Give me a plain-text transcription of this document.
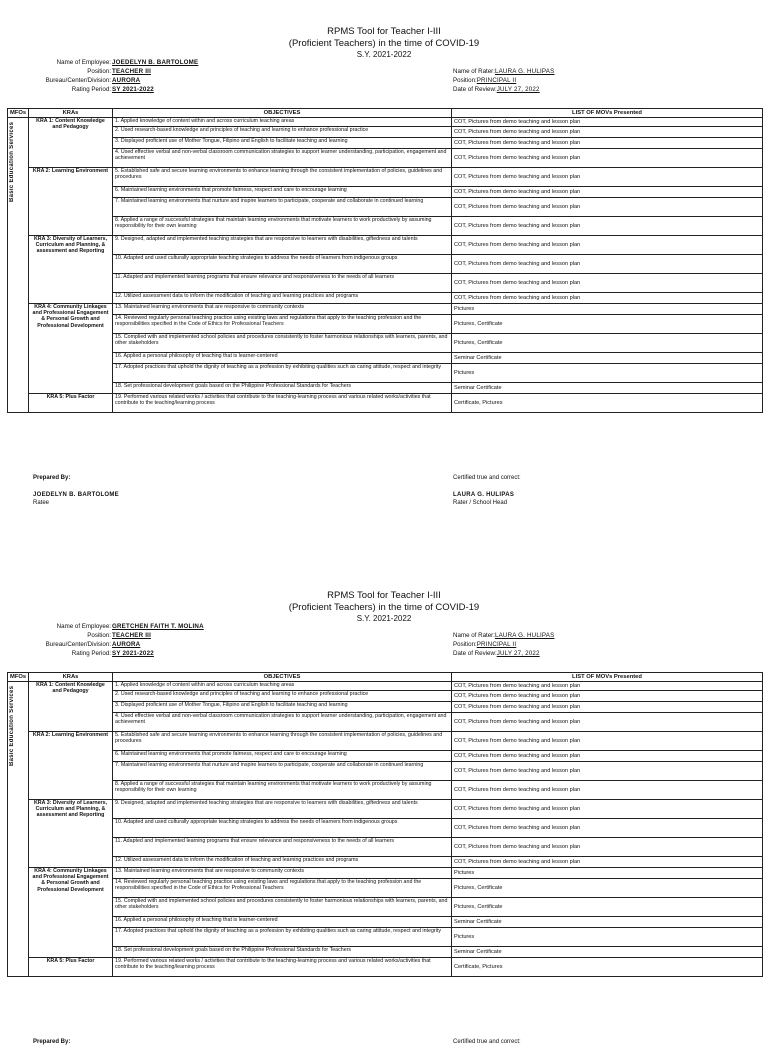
RPMS Tool for Teacher I-III
(Proficient Teachers) in the time of COVID-19
S.Y. 2021-2022
Name of Employee: JOEDELYN B. BARTOLOME
Position: TEACHER III
Bureau/Center/Division: AURORA
Rating Period: SY 2021-2022
Name of Rater: LAURA G. HULIPAS
Position: PRINCIPAL II
Date of Review: JULY 27, 2022
MFOs	KRAs	OBJECTIVES	LIST OF MOVs Presented

Basic Education Services	KRA 1: Content Knowledge and Pedagogy	1. Applied knowledge of content within and across curriculum teaching areas	COT, Pictures from demo teaching and lesson plan
		2. Used research-based knowledge and principles of teaching and learning to enhance professional practice	COT, Pictures from demo teaching and lesson plan
		3. Displayed proficient use of Mother Tongue, Filipino and English to facilitate teaching and learning	COT, Pictures from demo teaching and lesson plan
		4. Used effective verbal and non-verbal classroom communication strategies to support learner understanding, participation, engagement and achievement	COT, Pictures from demo teaching and lesson plan
	KRA 2: Learning Environment	5. Established safe and secure learning environments to enhance learning through the consistent implementation of policies, guidelines and procedures	COT, Pictures from demo teaching and lesson plan
		6. Maintained learning environments that promote fairness, respect and care to encourage learning	COT, Pictures from demo teaching and lesson plan
		7. Maintained learning environments that nurture and inspire learners to participate, cooperate and collaborate in continued learning	COT, Pictures from demo teaching and lesson plan
		8. Applied a range of successful strategies that maintain learning environments that motivate learners to work productively by assuming responsibility for their own learning	COT, Pictures from demo teaching and lesson plan
	KRA 3: Diversity of Learners, Curriculum and Planning, & assessment and Reporting	9. Designed, adapted and implemented teaching strategies that are responsive to learners with disabilities, giftedness and talents	COT, Pictures from demo teaching and lesson plan
		10. Adapted and used culturally appropriate teaching strategies to address the needs of learners from indigenous groups	COT, Pictures from demo teaching and lesson plan
		11. Adapted and implemented learning programs that ensure relevance and responsiveness to the needs of all learners	COT, Pictures from demo teaching and lesson plan
		12. Utilized assessment data to inform the modification of teaching and learning practices and programs	COT, Pictures from demo teaching and lesson plan
	KRA 4: Community Linkages and Professional Engagement & Personal Growth and Professional Development	13. Maintained learning environments that are responsive to community contexts	Pictures
		14. Reviewed regularly personal teaching practice using existing laws and regulations that apply to the teaching profession and the responsibilities specified in the Code of Ethics for Professional Teachers	Pictures, Certificate
		15. Complied with and implemented school policies and procedures consistently to foster harmonious relationships with learners, parents, and other stakeholders	Pictures, Certificate
		16. Applied a personal philosophy of teaching that is learner-centered	Seminar Certificate
		17. Adopted practices that uphold the dignity of teaching as a profession by exhibiting qualities such as caring attitude, respect and integrity	Pictures
		18. Set professional development goals based on the Philippine Professional Standards for Teachers	Seminar Certificate
	KRA 5: Plus Factor	19. Performed various related works / activities that contribute to the teaching-learning process and various related works/activities that contribute to the teaching/learning process	Certificate, Pictures
Prepared By:
JOEDELYN B. BARTOLOME
Ratee
Certified true and correct:
LAURA G. HULIPAS
Rater / School Head
RPMS Tool for Teacher I-III
(Proficient Teachers) in the time of COVID-19
S.Y. 2021-2022
Name of Employee: GRETCHEN FAITH T. MOLINA
Position: TEACHER III
Bureau/Center/Division: AURORA
Rating Period: SY 2021-2022
Name of Rater: LAURA G. HULIPAS
Position: PRINCIPAL II
Date of Review: JULY 27, 2022
MFOs	KRAs	OBJECTIVES	LIST OF MOVs Presented

Basic Education Services	KRA 1: Content Knowledge and Pedagogy	1. Applied knowledge of content within and across curriculum teaching areas	COT, Pictures from demo teaching and lesson plan
		2. Used research-based knowledge and principles of teaching and learning to enhance professional practice	COT, Pictures from demo teaching and lesson plan
		3. Displayed proficient use of Mother Tongue, Filipino and English to facilitate teaching and learning	COT, Pictures from demo teaching and lesson plan
		4. Used effective verbal and non-verbal classroom communication strategies to support learner understanding, participation, engagement and achievement	COT, Pictures from demo teaching and lesson plan
	KRA 2: Learning Environment	5. Established safe and secure learning environments to enhance learning through the consistent implementation of policies, guidelines and procedures	COT, Pictures from demo teaching and lesson plan
		6. Maintained learning environments that promote fairness, respect and care to encourage learning	COT, Pictures from demo teaching and lesson plan
		7. Maintained learning environments that nurture and inspire learners to participate, cooperate and collaborate in continued learning	COT, Pictures from demo teaching and lesson plan
		8. Applied a range of successful strategies that maintain learning environments that motivate learners to work productively by assuming responsibility for their own learning	COT, Pictures from demo teaching and lesson plan
	KRA 3: Diversity of Learners, Curriculum and Planning, & assessment and Reporting	9. Designed, adapted and implemented teaching strategies that are responsive to learners with disabilities, giftedness and talents	COT, Pictures from demo teaching and lesson plan
		10. Adapted and used culturally appropriate teaching strategies to address the needs of learners from indigenous groups	COT, Pictures from demo teaching and lesson plan
		11. Adapted and implemented learning programs that ensure relevance and responsiveness to the needs of all learners	COT, Pictures from demo teaching and lesson plan
		12. Utilized assessment data to inform the modification of teaching and learning practices and programs	COT, Pictures from demo teaching and lesson plan
	KRA 4: Community Linkages and Professional Engagement & Personal Growth and Professional Development	13. Maintained learning environments that are responsive to community contexts	Pictures
		14. Reviewed regularly personal teaching practice using existing laws and regulations that apply to the teaching profession and the responsibilities specified in the Code of Ethics for Professional Teachers	Pictures, Certificate
		15. Complied with and implemented school policies and procedures consistently to foster harmonious relationships with learners, parents, and other stakeholders	Pictures, Certificate
		16. Applied a personal philosophy of teaching that is learner-centered	Seminar Certificate
		17. Adopted practices that uphold the dignity of teaching as a profession by exhibiting qualities such as caring attitude, respect and integrity	Pictures
		18. Set professional development goals based on the Philippine Professional Standards for Teachers	Seminar Certificate
	KRA 5: Plus Factor	19. Performed various related works / activities that contribute to the teaching-learning process and various related works/activities that contribute to the teaching/learning process	Certificate, Pictures
Prepared By:	Certified true and correct:
